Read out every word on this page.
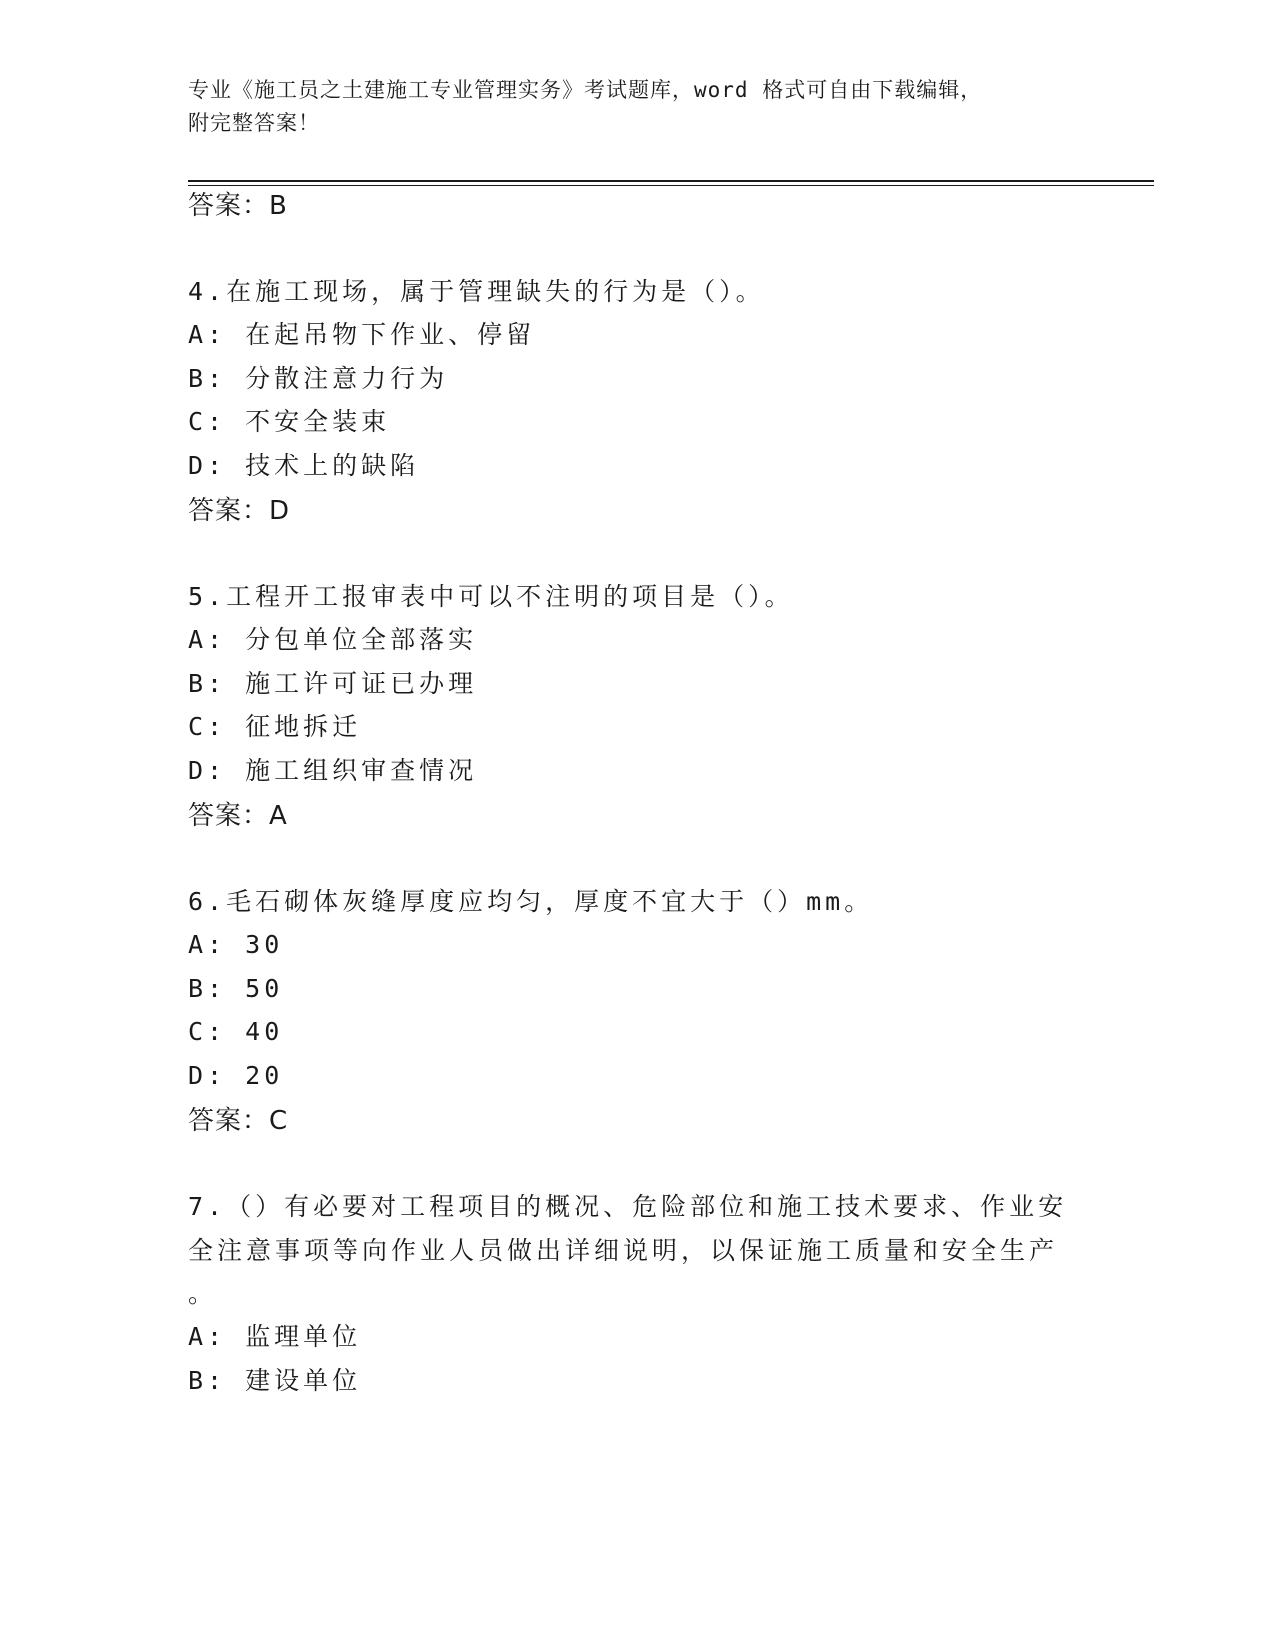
专业《施工员之土建施工专业管理实务》考试题库，word 格式可自由下载编辑，
附完整答案！
答案：B
4.在施工现场，属于管理缺失的行为是（）。
A: 在起吊物下作业、停留
B: 分散注意力行为
C: 不安全装束
D: 技术上的缺陷
答案：D
5.工程开工报审表中可以不注明的项目是（）。
A: 分包单位全部落实
B: 施工许可证已办理
C: 征地拆迁
D: 施工组织审查情况
答案：A
6.毛石砌体灰缝厚度应均匀，厚度不宜大于（）mm。
A: 30
B: 50
C: 40
D: 20
答案：C
7.（）有必要对工程项目的概况、危险部位和施工技术要求、作业安
全注意事项等向作业人员做出详细说明，以保证施工质量和安全生产
。
A: 监理单位
B: 建设单位
